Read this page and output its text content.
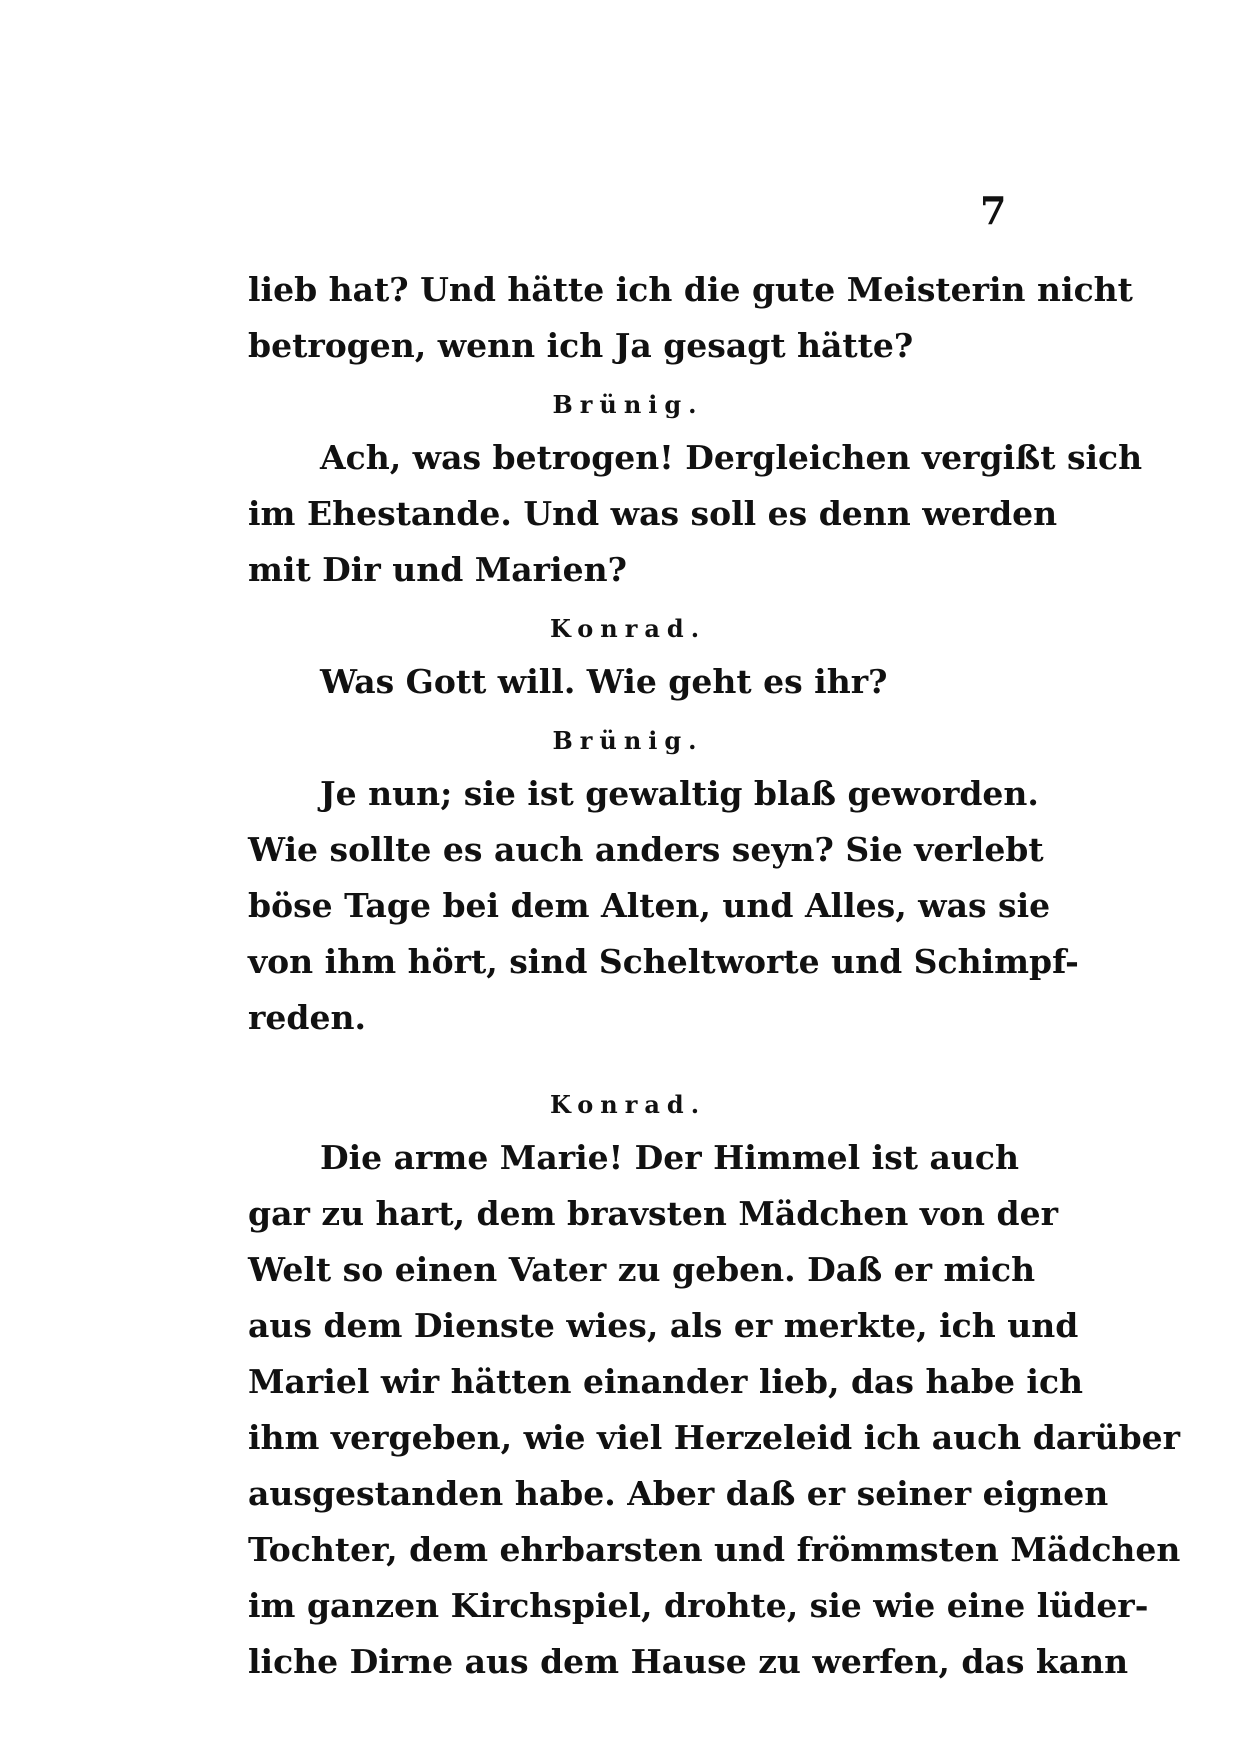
7
lieb hat? Und hätte ich die gute Meisterin nicht
betrogen, wenn ich Ja gesagt hätte?
Brünig.
Ach, was betrogen! Dergleichen vergißt sich
im Ehestande. Und was soll es denn werden
mit Dir und Marien?
Konrad.
Was Gott will. Wie geht es ihr?
Brünig.
Je nun; sie ist gewaltig blaß geworden.
Wie sollte es auch anders seyn? Sie verlebt
böse Tage bei dem Alten, und Alles, was sie
von ihm hört, sind Scheltworte und Schimpf-
reden.
Konrad.
Die arme Marie! Der Himmel ist auch
gar zu hart, dem bravsten Mädchen von der
Welt so einen Vater zu geben. Daß er mich
aus dem Dienste wies, als er merkte, ich und
Mariel wir hätten einander lieb, das habe ich
ihm vergeben, wie viel Herzeleid ich auch darüber
ausgestanden habe. Aber daß er seiner eignen
Tochter, dem ehrbarsten und frömmsten Mädchen
im ganzen Kirchspiel, drohte, sie wie eine lüder-
liche Dirne aus dem Hause zu werfen, das kann
